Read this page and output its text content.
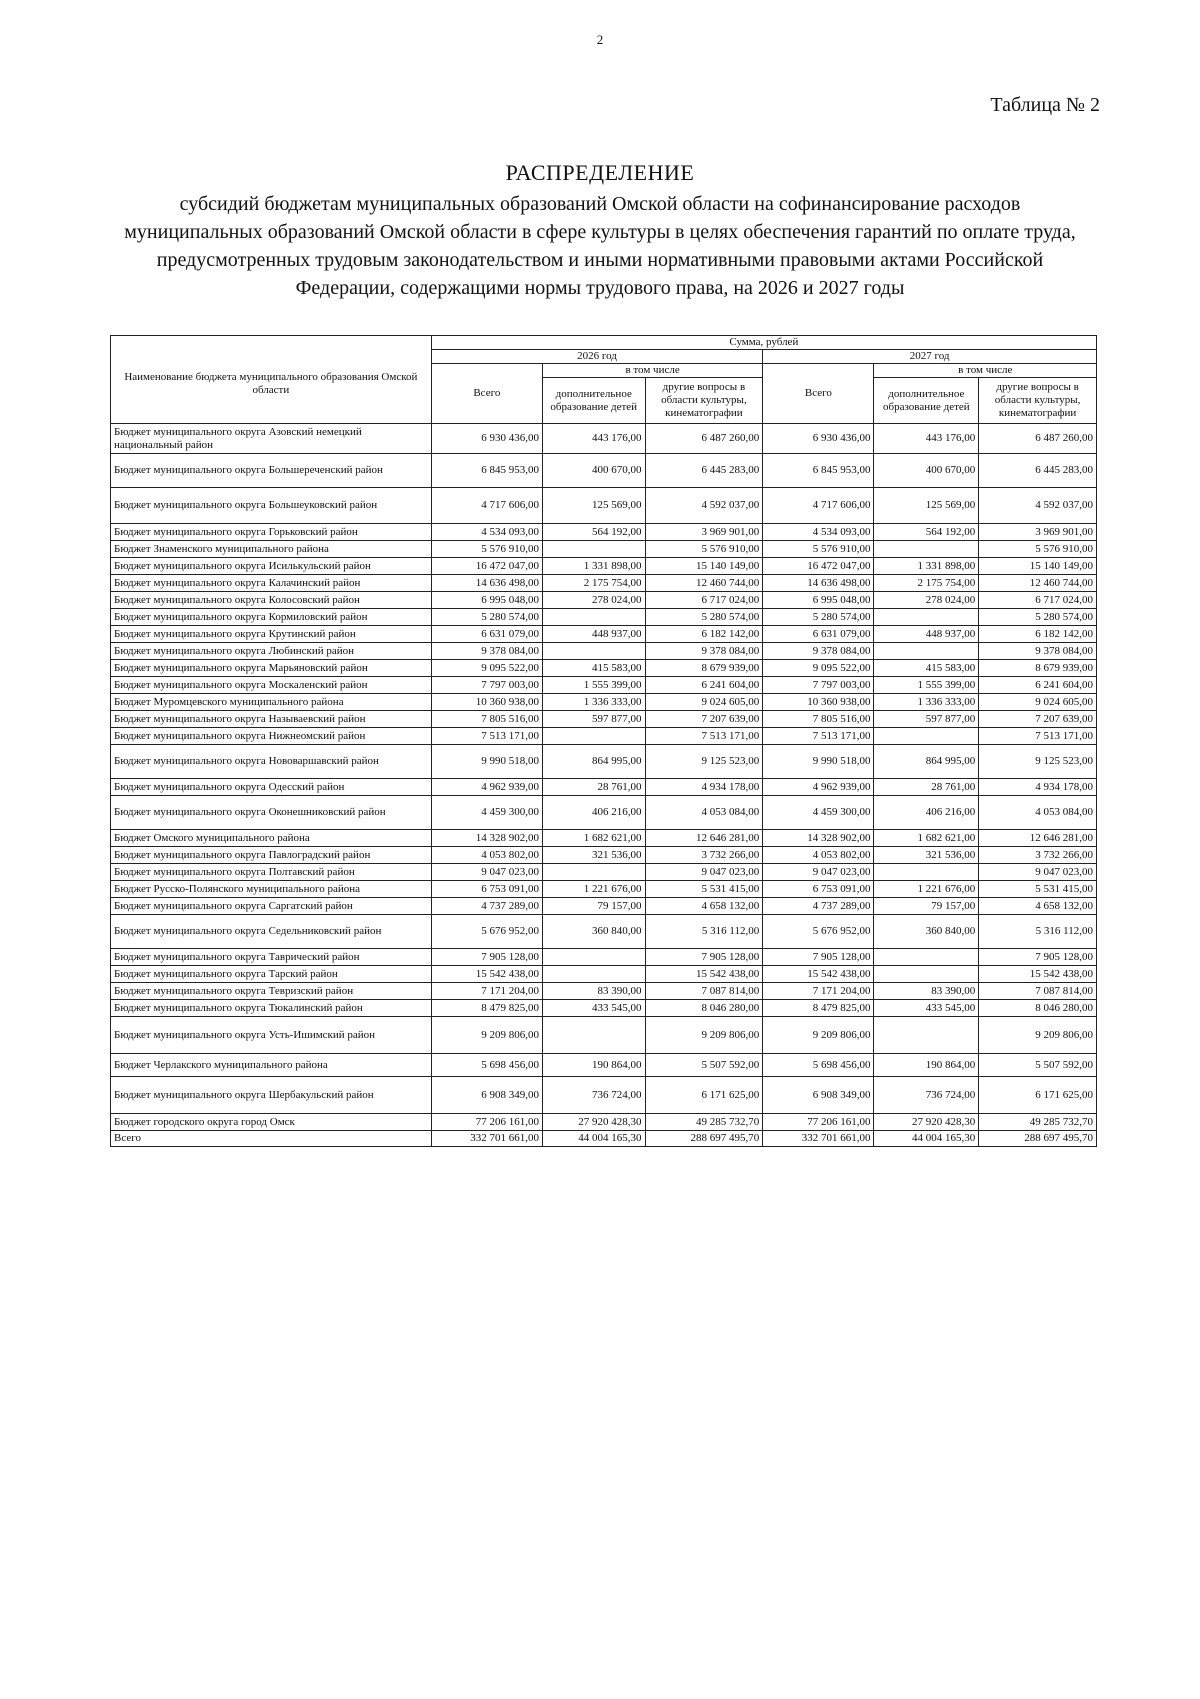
2
Таблица № 2
РАСПРЕДЕЛЕНИЕ
субсидий бюджетам муниципальных образований Омской области на софинансирование расходов муниципальных образований Омской области в сфере культуры в целях обеспечения гарантий по оплате труда, предусмотренных трудовым законодательством и иными нормативными правовыми актами Российской Федерации, содержащими нормы трудового права, на 2026 и 2027 годы
Наименование бюджета муниципального образования Омской области	Сумма, рублей					
	2026 год			2027 год		
	Всего	в том числе		Всего	в том числе	
		дополнительное образование детей	другие вопросы в области культуры, кинематографии		дополнительное образование детей	другие вопросы в области культуры, кинематографии
Бюджет муниципального округа Азовский немецкий национальный район	6 930 436,00	443 176,00	6 487 260,00	6 930 436,00	443 176,00	6 487 260,00
Бюджет муниципального округа Большереченский район	6 845 953,00	400 670,00	6 445 283,00	6 845 953,00	400 670,00	6 445 283,00
Бюджет муниципального округа Большеуковский район	4 717 606,00	125 569,00	4 592 037,00	4 717 606,00	125 569,00	4 592 037,00
Бюджет муниципального округа Горьковский район	4 534 093,00	564 192,00	3 969 901,00	4 534 093,00	564 192,00	3 969 901,00
Бюджет Знаменского муниципального района	5 576 910,00		5 576 910,00	5 576 910,00		5 576 910,00
Бюджет муниципального округа Исилькульский район	16 472 047,00	1 331 898,00	15 140 149,00	16 472 047,00	1 331 898,00	15 140 149,00
Бюджет муниципального округа Калачинский район	14 636 498,00	2 175 754,00	12 460 744,00	14 636 498,00	2 175 754,00	12 460 744,00
Бюджет муниципального округа Колосовский район	6 995 048,00	278 024,00	6 717 024,00	6 995 048,00	278 024,00	6 717 024,00
Бюджет муниципального округа Кормиловский район	5 280 574,00		5 280 574,00	5 280 574,00		5 280 574,00
Бюджет муниципального округа Крутинский район	6 631 079,00	448 937,00	6 182 142,00	6 631 079,00	448 937,00	6 182 142,00
Бюджет муниципального округа Любинский район	9 378 084,00		9 378 084,00	9 378 084,00		9 378 084,00
Бюджет муниципального округа Марьяновский район	9 095 522,00	415 583,00	8 679 939,00	9 095 522,00	415 583,00	8 679 939,00
Бюджет муниципального округа Москаленский район	7 797 003,00	1 555 399,00	6 241 604,00	7 797 003,00	1 555 399,00	6 241 604,00
Бюджет Муромцевского муниципального района	10 360 938,00	1 336 333,00	9 024 605,00	10 360 938,00	1 336 333,00	9 024 605,00
Бюджет муниципального округа Называевский район	7 805 516,00	597 877,00	7 207 639,00	7 805 516,00	597 877,00	7 207 639,00
Бюджет муниципального округа Нижнеомский район	7 513 171,00		7 513 171,00	7 513 171,00		7 513 171,00
Бюджет муниципального округа Нововаршавский район	9 990 518,00	864 995,00	9 125 523,00	9 990 518,00	864 995,00	9 125 523,00
Бюджет муниципального округа Одесский район	4 962 939,00	28 761,00	4 934 178,00	4 962 939,00	28 761,00	4 934 178,00
Бюджет муниципального округа Оконешниковский район	4 459 300,00	406 216,00	4 053 084,00	4 459 300,00	406 216,00	4 053 084,00
Бюджет Омского муниципального района	14 328 902,00	1 682 621,00	12 646 281,00	14 328 902,00	1 682 621,00	12 646 281,00
Бюджет муниципального округа Павлоградский район	4 053 802,00	321 536,00	3 732 266,00	4 053 802,00	321 536,00	3 732 266,00
Бюджет муниципального округа Полтавский район	9 047 023,00		9 047 023,00	9 047 023,00		9 047 023,00
Бюджет Русско-Полянского муниципального района	6 753 091,00	1 221 676,00	5 531 415,00	6 753 091,00	1 221 676,00	5 531 415,00
Бюджет муниципального округа Саргатский район	4 737 289,00	79 157,00	4 658 132,00	4 737 289,00	79 157,00	4 658 132,00
Бюджет муниципального округа Седельниковский район	5 676 952,00	360 840,00	5 316 112,00	5 676 952,00	360 840,00	5 316 112,00
Бюджет муниципального округа Таврический район	7 905 128,00		7 905 128,00	7 905 128,00		7 905 128,00
Бюджет муниципального округа Тарский район	15 542 438,00		15 542 438,00	15 542 438,00		15 542 438,00
Бюджет муниципального округа Тевризский район	7 171 204,00	83 390,00	7 087 814,00	7 171 204,00	83 390,00	7 087 814,00
Бюджет муниципального округа Тюкалинский район	8 479 825,00	433 545,00	8 046 280,00	8 479 825,00	433 545,00	8 046 280,00
Бюджет муниципального округа Усть-Ишимский район	9 209 806,00		9 209 806,00	9 209 806,00		9 209 806,00
Бюджет Черлакского муниципального района	5 698 456,00	190 864,00	5 507 592,00	5 698 456,00	190 864,00	5 507 592,00
Бюджет муниципального округа Шербакульский район	6 908 349,00	736 724,00	6 171 625,00	6 908 349,00	736 724,00	6 171 625,00
Бюджет городского округа город Омск	77 206 161,00	27 920 428,30	49 285 732,70	77 206 161,00	27 920 428,30	49 285 732,70
Всего	332 701 661,00	44 004 165,30	288 697 495,70	332 701 661,00	44 004 165,30	288 697 495,70
